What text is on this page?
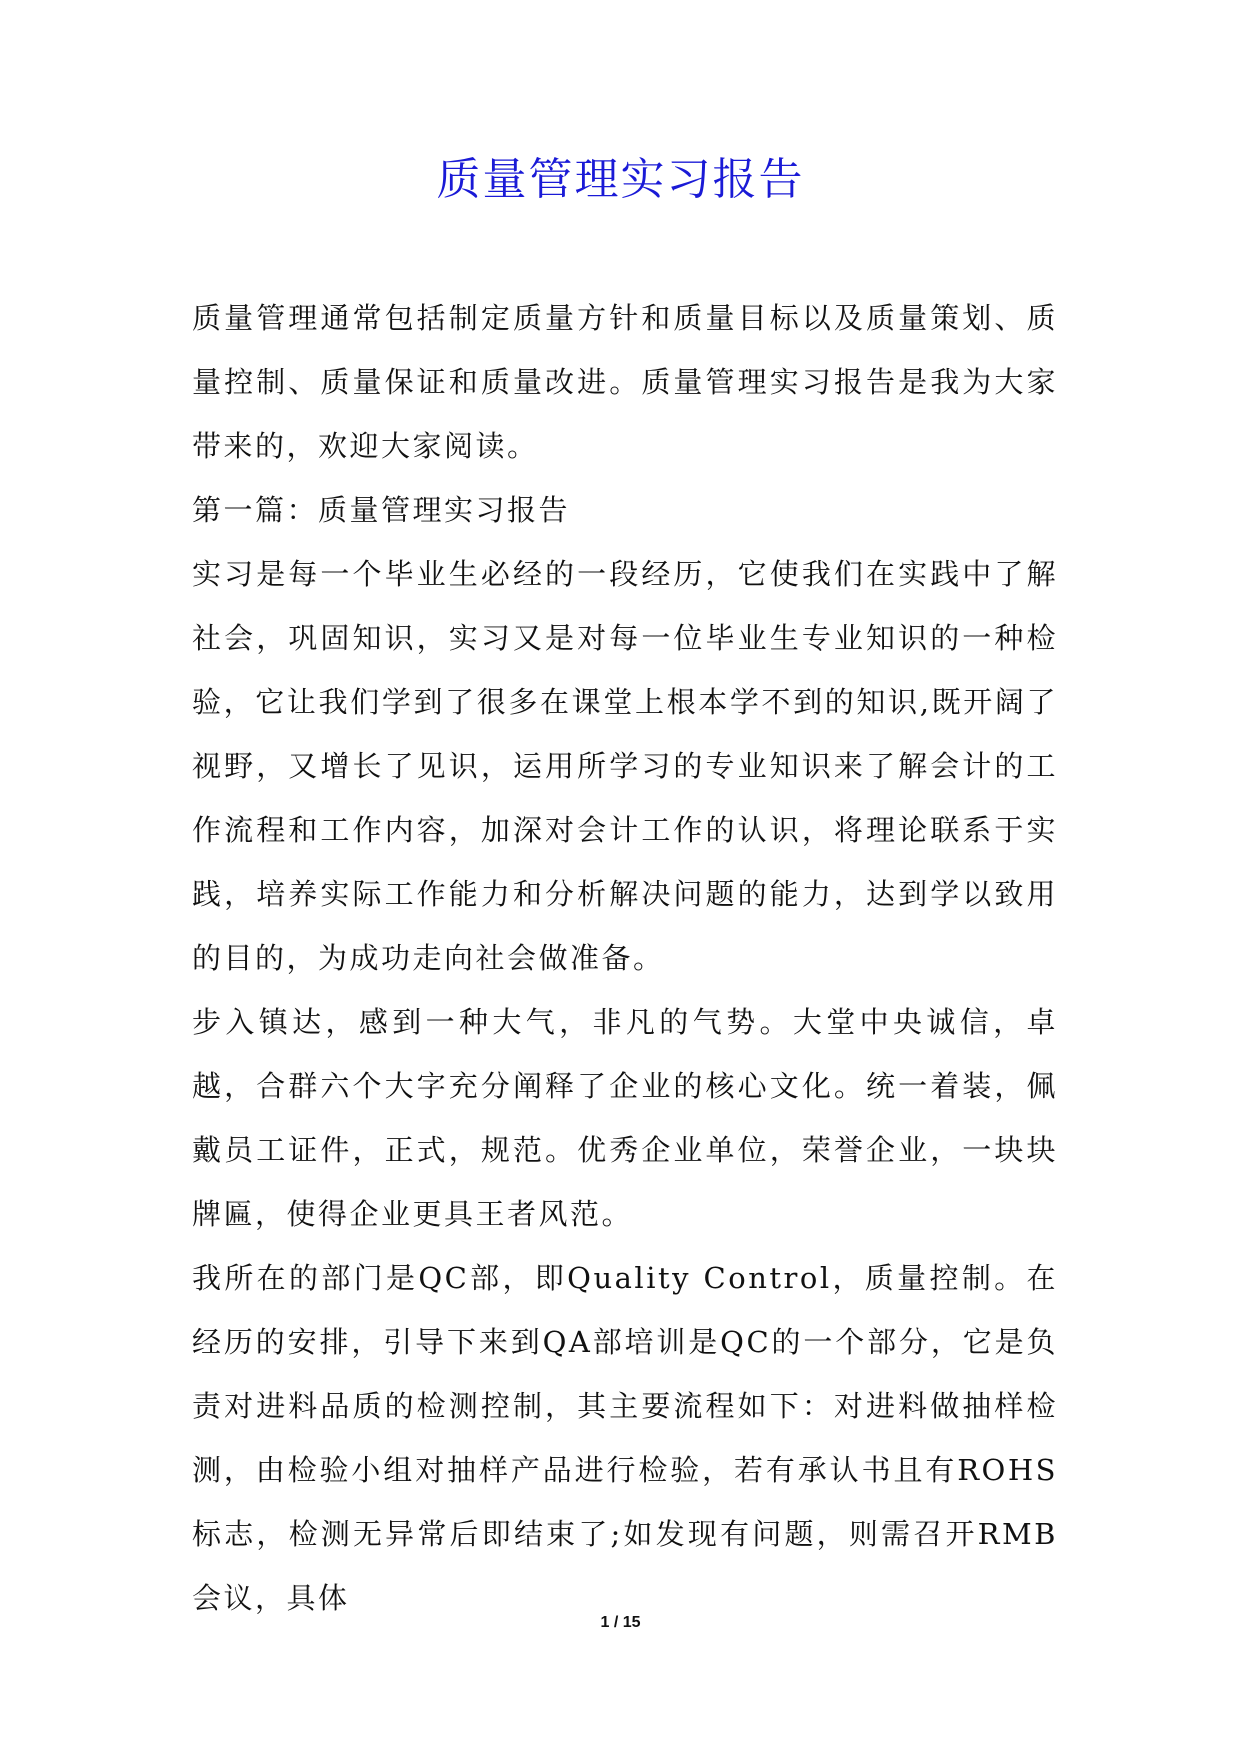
质量管理实习报告

质量管理通常包括制定质量方针和质量目标以及质量策划、质量控制、质量保证和质量改进。质量管理实习报告是我为大家带来的，欢迎大家阅读。

第一篇：质量管理实习报告

实习是每一个毕业生必经的一段经历，它使我们在实践中了解社会，巩固知识，实习又是对每一位毕业生专业知识的一种检验，它让我们学到了很多在课堂上根本学不到的知识,既开阔了视野，又增长了见识，运用所学习的专业知识来了解会计的工作流程和工作内容，加深对会计工作的认识，将理论联系于实践，培养实际工作能力和分析解决问题的能力，达到学以致用的目的，为成功走向社会做准备。

步入镇达，感到一种大气，非凡的气势。大堂中央诚信，卓越，合群六个大字充分阐释了企业的核心文化。统一着装，佩戴员工证件，正式，规范。优秀企业单位，荣誉企业，一块块牌匾，使得企业更具王者风范。

我所在的部门是QC部，即Quality Control，质量控制。在经历的安排，引导下来到QA部培训是QC的一个部分，它是负责对进料品质的检测控制，其主要流程如下：对进料做抽样检测，由检验小组对抽样产品进行检验，若有承认书且有ROHS标志，检测无异常后即结束了;如发现有问题，则需召开RMB会议，具体

1 / 15
